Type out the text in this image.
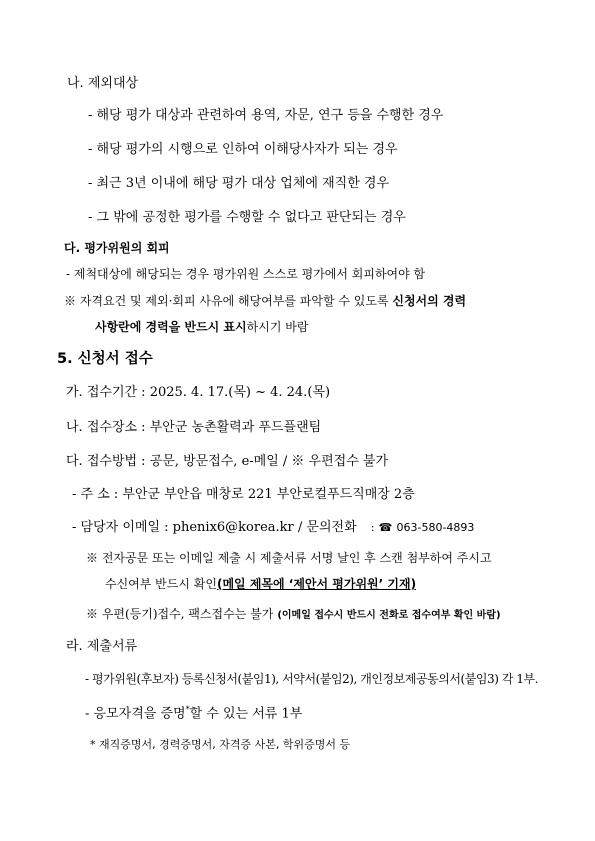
나. 제외대상
- 해당 평가 대상과 관련하여 용역, 자문, 연구 등을 수행한 경우
- 해당 평가의 시행으로 인하여 이해당사자가 되는 경우
- 최근 3년 이내에 해당 평가 대상 업체에 재직한 경우
- 그 밖에 공정한 평가를 수행할 수 없다고 판단되는 경우
다. 평가위원의 회피
- 제척대상에 해당되는 경우 평가위원 스스로 평가에서 회피하여야 함
※ 자격요건 및 제외·회피 사유에 해당여부를 파악할 수 있도록 신청서의 경력
사항란에 경력을 반드시 표시하시기 바람
5. 신청서 접수
가. 접수기간 : 2025. 4. 17.(목) ~ 4. 24.(목)
나. 접수장소 : 부안군 농촌활력과 푸드플랜팀
다. 접수방법 : 공문, 방문접수, e-메일 / ※ 우편접수 불가
- 주 소 : 부안군 부안읍 매창로 221 부안로컬푸드직매장 2층
- 담당자 이메일 : phenix6@korea.kr / 문의전화 : ☎ 063-580-4893
※ 전자공문 또는 이메일 제출 시 제출서류 서명 날인 후 스캔 첨부하여 주시고
수신여부 반드시 확인(메일 제목에 ‘제안서 평가위원’ 기재)
※ 우편(등기)접수, 팩스접수는 불가 (이메일 접수시 반드시 전화로 접수여부 확인 바람)
라. 제출서류
- 평가위원(후보자) 등록신청서(붙임1), 서약서(붙임2), 개인정보제공동의서(붙임3) 각 1부.
- 응모자격을 증명*할 수 있는 서류 1부
* 재직증명서, 경력증명서, 자격증 사본, 학위증명서 등
